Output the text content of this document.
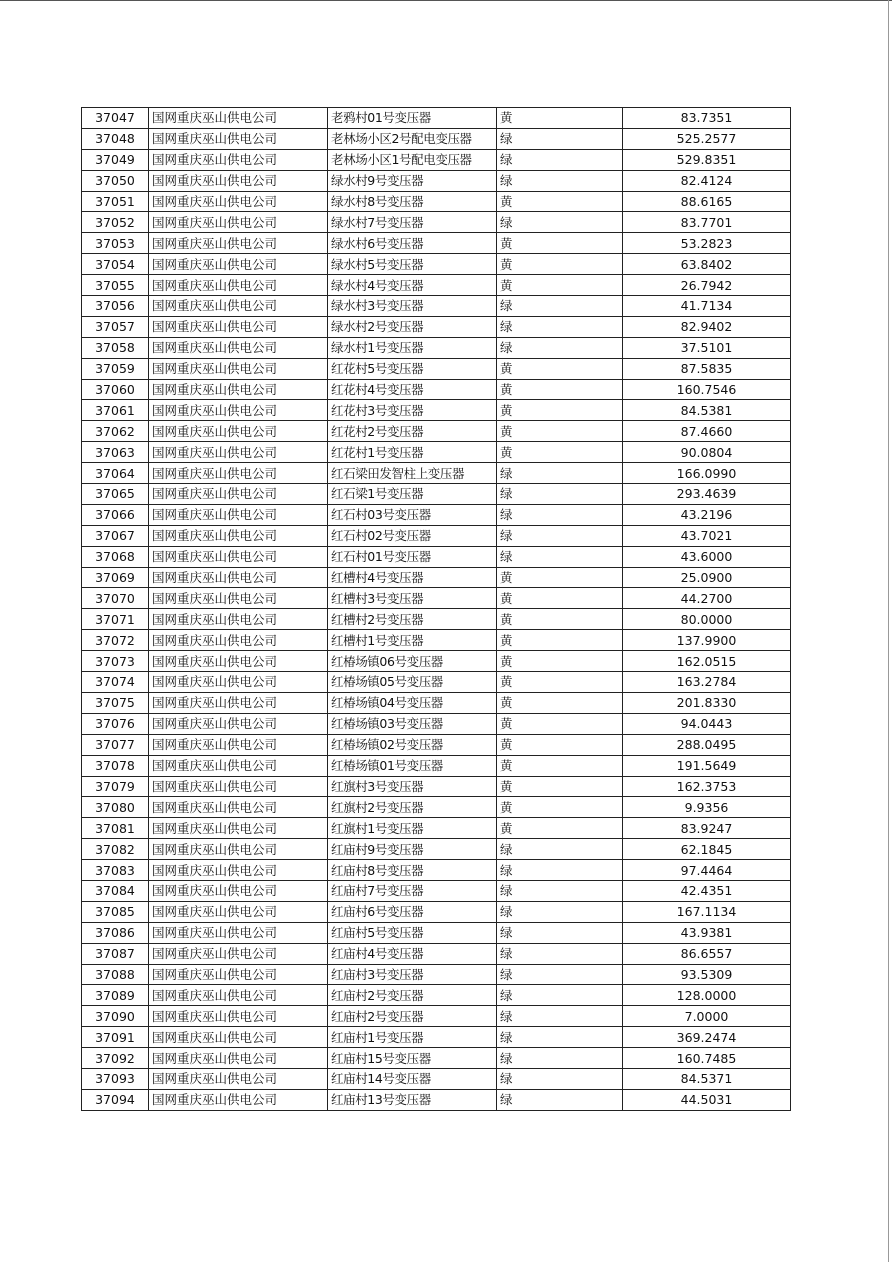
37047	国网重庆巫山供电公司	老鸦村01号变压器	黄	83.7351
37048	国网重庆巫山供电公司	老林场小区2号配电变压器	绿	525.2577
37049	国网重庆巫山供电公司	老林场小区1号配电变压器	绿	529.8351
37050	国网重庆巫山供电公司	绿水村9号变压器	绿	82.4124
37051	国网重庆巫山供电公司	绿水村8号变压器	黄	88.6165
37052	国网重庆巫山供电公司	绿水村7号变压器	绿	83.7701
37053	国网重庆巫山供电公司	绿水村6号变压器	黄	53.2823
37054	国网重庆巫山供电公司	绿水村5号变压器	黄	63.8402
37055	国网重庆巫山供电公司	绿水村4号变压器	黄	26.7942
37056	国网重庆巫山供电公司	绿水村3号变压器	绿	41.7134
37057	国网重庆巫山供电公司	绿水村2号变压器	绿	82.9402
37058	国网重庆巫山供电公司	绿水村1号变压器	绿	37.5101
37059	国网重庆巫山供电公司	红花村5号变压器	黄	87.5835
37060	国网重庆巫山供电公司	红花村4号变压器	黄	160.7546
37061	国网重庆巫山供电公司	红花村3号变压器	黄	84.5381
37062	国网重庆巫山供电公司	红花村2号变压器	黄	87.4660
37063	国网重庆巫山供电公司	红花村1号变压器	黄	90.0804
37064	国网重庆巫山供电公司	红石梁田发智柱上变压器	绿	166.0990
37065	国网重庆巫山供电公司	红石梁1号变压器	绿	293.4639
37066	国网重庆巫山供电公司	红石村03号变压器	绿	43.2196
37067	国网重庆巫山供电公司	红石村02号变压器	绿	43.7021
37068	国网重庆巫山供电公司	红石村01号变压器	绿	43.6000
37069	国网重庆巫山供电公司	红槽村4号变压器	黄	25.0900
37070	国网重庆巫山供电公司	红槽村3号变压器	黄	44.2700
37071	国网重庆巫山供电公司	红槽村2号变压器	黄	80.0000
37072	国网重庆巫山供电公司	红槽村1号变压器	黄	137.9900
37073	国网重庆巫山供电公司	红椿场镇06号变压器	黄	162.0515
37074	国网重庆巫山供电公司	红椿场镇05号变压器	黄	163.2784
37075	国网重庆巫山供电公司	红椿场镇04号变压器	黄	201.8330
37076	国网重庆巫山供电公司	红椿场镇03号变压器	黄	94.0443
37077	国网重庆巫山供电公司	红椿场镇02号变压器	黄	288.0495
37078	国网重庆巫山供电公司	红椿场镇01号变压器	黄	191.5649
37079	国网重庆巫山供电公司	红旗村3号变压器	黄	162.3753
37080	国网重庆巫山供电公司	红旗村2号变压器	黄	9.9356
37081	国网重庆巫山供电公司	红旗村1号变压器	黄	83.9247
37082	国网重庆巫山供电公司	红庙村9号变压器	绿	62.1845
37083	国网重庆巫山供电公司	红庙村8号变压器	绿	97.4464
37084	国网重庆巫山供电公司	红庙村7号变压器	绿	42.4351
37085	国网重庆巫山供电公司	红庙村6号变压器	绿	167.1134
37086	国网重庆巫山供电公司	红庙村5号变压器	绿	43.9381
37087	国网重庆巫山供电公司	红庙村4号变压器	绿	86.6557
37088	国网重庆巫山供电公司	红庙村3号变压器	绿	93.5309
37089	国网重庆巫山供电公司	红庙村2号变压器	绿	128.0000
37090	国网重庆巫山供电公司	红庙村2号变压器	绿	7.0000
37091	国网重庆巫山供电公司	红庙村1号变压器	绿	369.2474
37092	国网重庆巫山供电公司	红庙村15号变压器	绿	160.7485
37093	国网重庆巫山供电公司	红庙村14号变压器	绿	84.5371
37094	国网重庆巫山供电公司	红庙村13号变压器	绿	44.5031
